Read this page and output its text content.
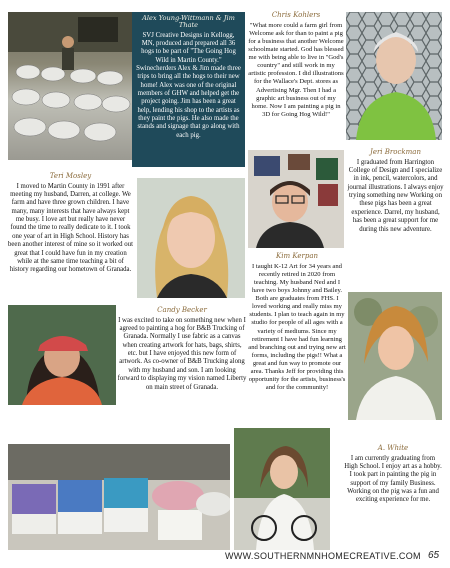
Alex Young-Wittmann & Jim Thate
SVJ Creative Designs in Kellogg, MN, produced and prepared all 36 hogs to be part of "The Going Hog Wild in Martin County." Swinecherders Alex & Jim made three trips to bring all the hogs to their new home! Alex was one of the original members of GHW and helped get the project going. Jim has been a great help, lending his shop to the artists as they paint the pigs. He also made the stands and signage that go along with each pig.
Chris Kohlers
"What more could a farm girl from Welcome ask for than to paint a pig for a business that another Welcome schoolmate started. God has blessed me with being able to live in "God's country" and still work in my artistic profession. I did illustrations for the Wallace's Dept. stores as Advertising Mgr. Then I had a graphic art business out of my home. Now I am painting a pig in 3D for Going Hog Wild!"
Jeri Brockman
I graduated from Harrington College of Design and I specialize in ink, pencil, watercolors, and journal illustrations. I always enjoy trying something new Working on these pigs has been a great experience. Darrel, my husband, has been a great support for me during this new adventure.
Teri Mosley
I moved to Martin County in 1991 after meeting my husband, Darren, at college. We farm and have three grown children. I have many, many interests that have always kept me busy. I love art but really have never found the time to really dedicate to it. I took one year of art in High School. History has been another interest of mine so it worked out great that I could have fun in my creation while at the same time teaching a bit of history regarding our hometown of Granada.
Kim Kerpan
I taught K-12 Art for 34 years and recently retired in 2020 from teaching. My husband Ned and I have two boys Johnny and Bailey. Both are graduates from FHS. I loved working and really miss my students. I plan to teach again in my studio for people of all ages with a variety of mediums. Since my retirement I have had fun learning and branching out and trying new art forms, including the pigs!! What a great and fun way to promote our area. Thanks Jeff for providing this opportunity for the artists, business's and for the community!
Candy Becker
I was excited to take on something new when I agreed to painting a hog for B&B Trucking of Granada. Normally I use fabric as a canvas when creating artwork for hats, bags, shirts, etc. but I have enjoyed this new form of artwork. As co-owner of B&B Trucking along with my husband and son. I am looking forward to displaying my vision named Liberty on main street of Granada.
A. White
I am currently graduating from High School. I enjoy art as a hobby. I took part in painting the pig in support of my family Business. Working on the pig was a fun and exciting experience for me.
WWW.SOUTHERNMNHOMECREATIVE.COM 65
